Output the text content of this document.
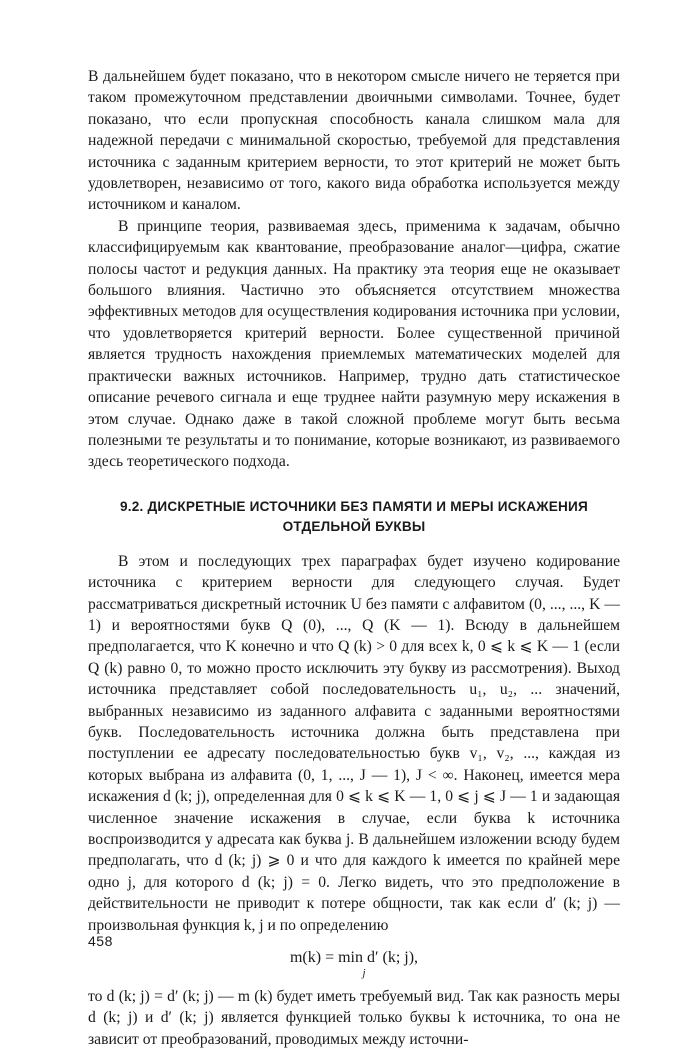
В дальнейшем будет показано, что в некотором смысле ничего не теряется при таком промежуточном представлении двоичными символами. Точнее, будет показано, что если пропускная способность канала слишком мала для надежной передачи с минимальной скоростью, требуемой для представления источника с заданным критерием верности, то этот критерий не может быть удовлетворен, независимо от того, какого вида обработка используется между источником и каналом.

В принципе теория, развиваемая здесь, применима к задачам, обычно классифицируемым как квантование, преобразование аналог—цифра, сжатие полосы частот и редукция данных. На практику эта теория еще не оказывает большого влияния. Частично это объясняется отсутствием множества эффективных методов для осуществления кодирования источника при условии, что удовлетворяется критерий верности. Более существенной причиной является трудность нахождения приемлемых математических моделей для практически важных источников. Например, трудно дать статистическое описание речевого сигнала и еще труднее найти разумную меру искажения в этом случае. Однако даже в такой сложной проблеме могут быть весьма полезными те результаты и то понимание, которые возникают, из развиваемого здесь теоретического подхода.

9.2. ДИСКРЕТНЫЕ ИСТОЧНИКИ БЕЗ ПАМЯТИ И МЕРЫ ИСКАЖЕНИЯ
ОТДЕЛЬНОЙ БУКВЫ

В этом и последующих трех параграфах будет изучено кодирование источника с критерием верности для следующего случая. Будет рассматриваться дискретный источник U без памяти с алфавитом (0, ..., ..., K — 1) и вероятностями букв Q (0), ..., Q (K — 1). Всюду в дальнейшем предполагается, что K конечно и что Q (k) > 0 для всех k, 0 ⩽ k ⩽ K — 1 (если Q (k) равно 0, то можно просто исключить эту букву из рассмотрения). Выход источника представляет собой последовательность u₁, u₂, ... значений, выбранных независимо из заданного алфавита с заданными вероятностями букв. Последовательность источника должна быть представлена при поступлении ее адресату последовательностью букв v₁, v₂, ..., каждая из которых выбрана из алфавита (0, 1, ..., J — 1), J < ∞. Наконец, имеется мера искажения d (k; j), определенная для 0 ⩽ k ⩽ K — 1, 0 ⩽ j ⩽ J — 1 и задающая численное значение искажения в случае, если буква k источника воспроизводится у адресата как буква j. В дальнейшем изложении всюду будем предполагать, что d (k; j) ⩾ 0 и что для каждого k имеется по крайней мере одно j, для которого d (k; j) = 0. Легко видеть, что это предположение в действительности не приводит к потере общности, так как если d′ (k; j) — произвольная функция k, j и по определению

m(k) = min d′ (k; j),
j

то d (k; j) = d′ (k; j) — m (k) будет иметь требуемый вид. Так как разность меры d (k; j) и d′ (k; j) является функцией только буквы k источника, то она не зависит от преобразований, проводимых между источни-

458
